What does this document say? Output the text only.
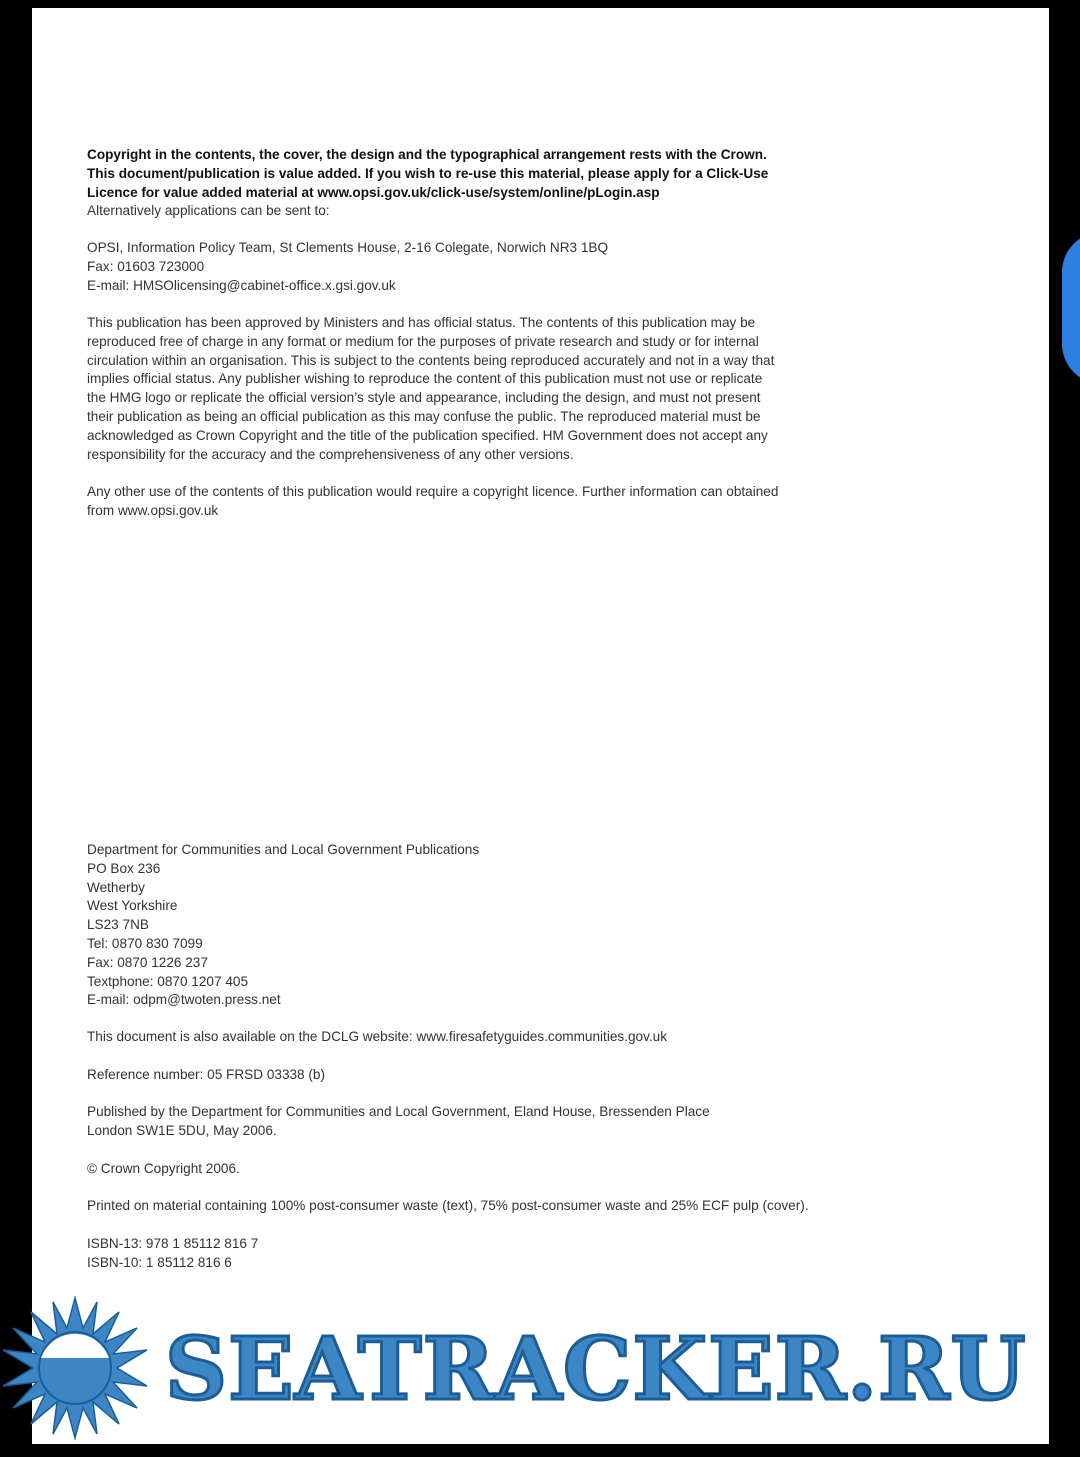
Copyright in the contents, the cover, the design and the typographical arrangement rests with the Crown.
This document/publication is value added. If you wish to re-use this material, please apply for a Click-Use
Licence for value added material at www.opsi.gov.uk/click-use/system/online/pLogin.asp
Alternatively applications can be sent to:
OPSI, Information Policy Team, St Clements House, 2-16 Colegate, Norwich NR3 1BQ
Fax: 01603 723000
E-mail: HMSOlicensing@cabinet-office.x.gsi.gov.uk
This publication has been approved by Ministers and has official status. The contents of this publication may be
reproduced free of charge in any format or medium for the purposes of private research and study or for internal
circulation within an organisation. This is subject to the contents being reproduced accurately and not in a way that
implies official status. Any publisher wishing to reproduce the content of this publication must not use or replicate
the HMG logo or replicate the official version’s style and appearance, including the design, and must not present
their publication as being an official publication as this may confuse the public. The reproduced material must be
acknowledged as Crown Copyright and the title of the publication specified. HM Government does not accept any
responsibility for the accuracy and the comprehensiveness of any other versions.
Any other use of the contents of this publication would require a copyright licence. Further information can obtained
from www.opsi.gov.uk
Department for Communities and Local Government Publications
PO Box 236
Wetherby
West Yorkshire
LS23 7NB
Tel: 0870 830 7099
Fax: 0870 1226 237
Textphone: 0870 1207 405
E-mail: odpm@twoten.press.net
This document is also available on the DCLG website: www.firesafetyguides.communities.gov.uk
Reference number: 05 FRSD 03338 (b)
Published by the Department for Communities and Local Government, Eland House, Bressenden Place
London SW1E 5DU, May 2006.
© Crown Copyright 2006.
Printed on material containing 100% post-consumer waste (text), 75% post-consumer waste and 25% ECF pulp (cover).
ISBN-13: 978 1 85112 816 7
ISBN-10: 1 85112 816 6
SEATRACKER.RU
